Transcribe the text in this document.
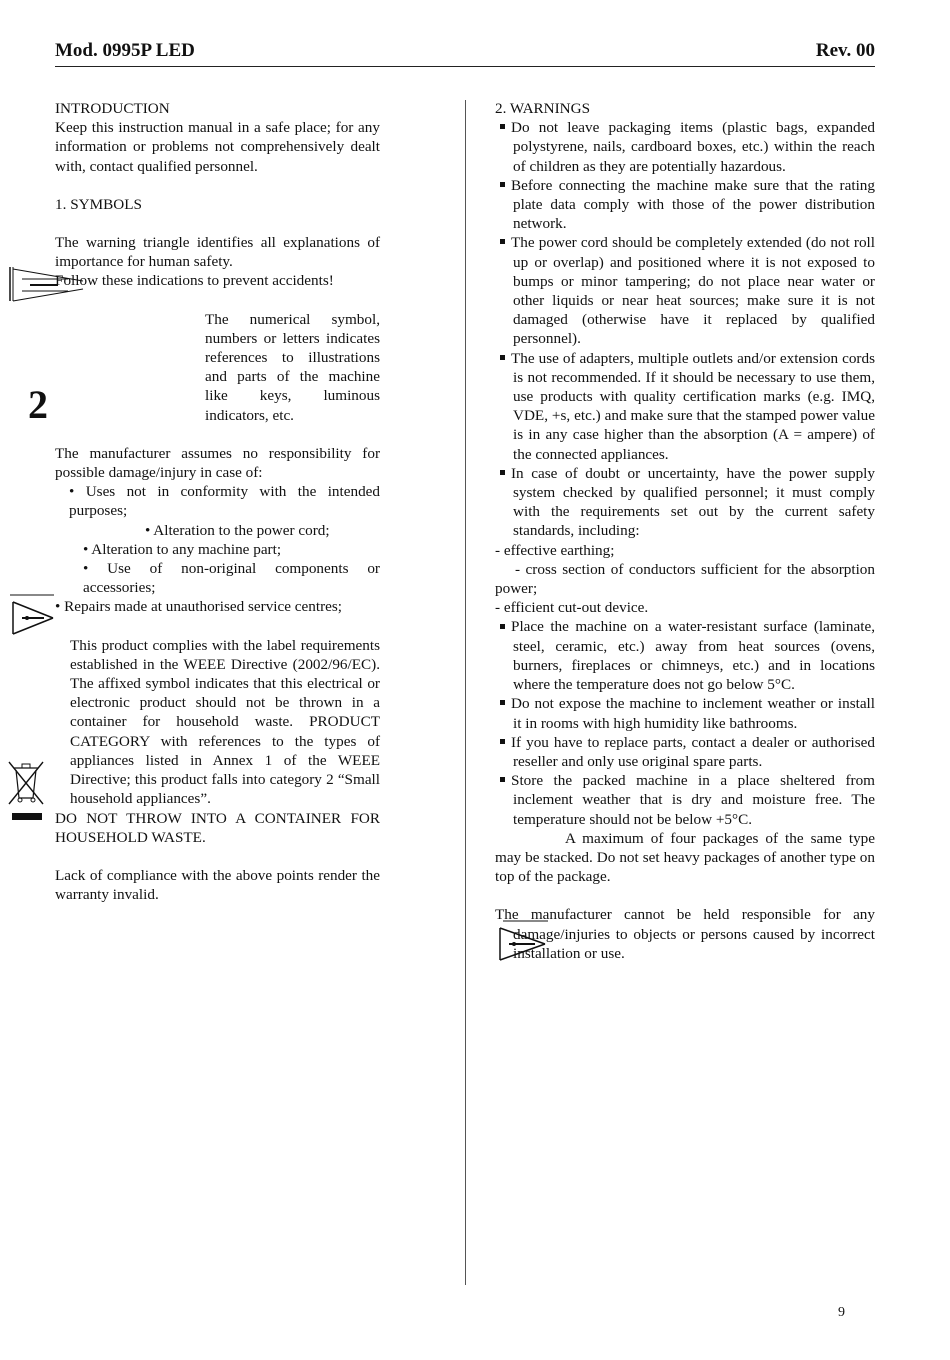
Mod. 0995P LED	Rev. 00
2

INTRODUCTION

Keep this instruction manual in a safe place; for any information or problems not comprehensively dealt with, contact qualified personnel.

1. SYMBOLS

The warning triangle identifies all explanations of importance for human safety.

Follow these indications to prevent accidents!

The numerical symbol, numbers or letters indicates references to illustrations and parts of the machine like keys, luminous indicators, etc.

The manufacturer assumes no responsibility for possible damage/injury in case of:

• Uses not in conformity with the intended purposes;

• Alteration to the power cord;

• Alteration to any machine part;

• Use of non-original components or accessories;

• Repairs made at unauthorised service centres;

This product complies with the label requirements established in the WEEE Directive (2002/96/EC). The affixed symbol indicates that this electrical or electronic product should not be thrown in a container for household waste. PRODUCT CATEGORY with references to the types of appliances listed in Annex 1 of the WEEE Directive; this product falls into category 2 “Small household appliances”.

DO NOT THROW INTO A CONTAINER FOR HOUSEHOLD WASTE.

Lack of compliance with the above points render the warranty invalid.

2. WARNINGS

Do not leave packaging items (plastic bags, expanded polystyrene, nails, cardboard boxes, etc.) within the reach of children as they are potentially hazardous.

Before connecting the machine make sure that the rating plate data comply with those of the power distribution network.

The power cord should be completely extended (do not roll up or overlap) and positioned where it is not exposed to bumps or minor tampering; do not place near water or other liquids or near heat sources; make sure it is not damaged (otherwise have it replaced by qualified personnel).

The use of adapters, multiple outlets and/or extension cords is not recommended. If it should be necessary to use them, use products with quality certification marks (e.g. IMQ, VDE, +s, etc.) and make sure that the stamped power value is in any case higher than the absorption (A = ampere) of the connected appliances.

In case of doubt or uncertainty, have the power supply system checked by qualified personnel; it must comply with the requirements set out by the current safety standards, including:

- effective earthing;

- cross section of conductors sufficient for the absorption power;

- efficient cut-out device.

Place the machine on a water-resistant surface (laminate, steel, ceramic, etc.) away from heat sources (ovens, burners, fireplaces or chimneys, etc.) and in locations where the temperature does not go below 5°C.

Do not expose the machine to inclement weather or install it in rooms with high humidity like bathrooms.

If you have to replace parts, contact a dealer or authorised reseller and only use original spare parts.

Store the packed machine in a place sheltered from inclement weather that is dry and moisture free. The temperature should not be below +5°C.

A maximum of four packages of the same type may be stacked. Do not set heavy packages of another type on top of the package.

The manufacturer cannot be held responsible for any damage/injuries to objects or persons caused by incorrect installation or use.

9
